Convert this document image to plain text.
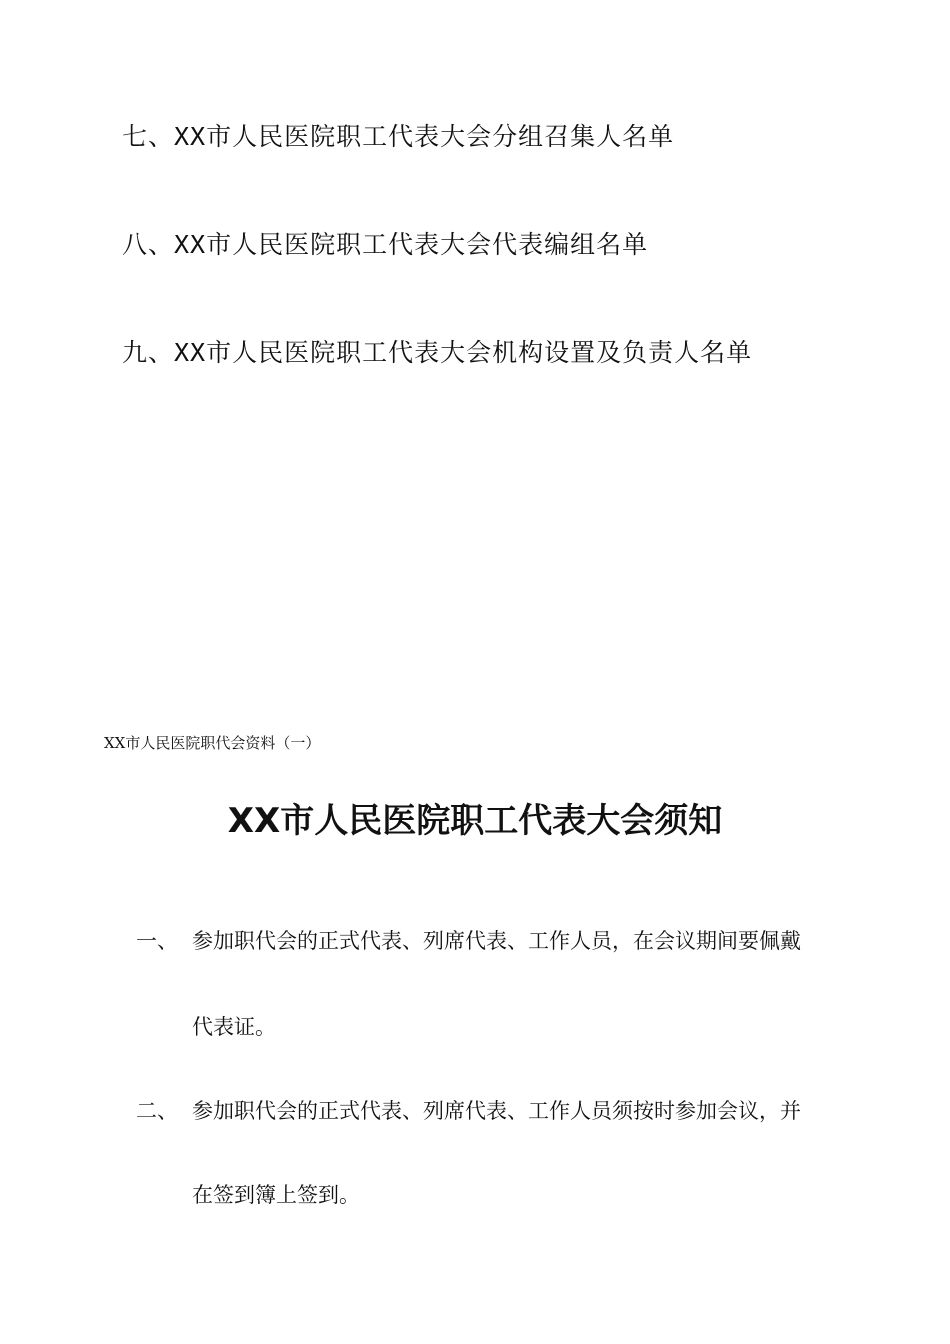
七、XX市人民医院职工代表大会分组召集人名单
八、XX市人民医院职工代表大会代表编组名单
九、XX市人民医院职工代表大会机构设置及负责人名单
XX市人民医院职代会资料（一）
XX市人民医院职工代表大会须知
一、 参加职代会的正式代表、列席代表、工作人员，在会议期间要佩戴
代表证。
二、 参加职代会的正式代表、列席代表、工作人员须按时参加会议，并
在签到簿上签到。
